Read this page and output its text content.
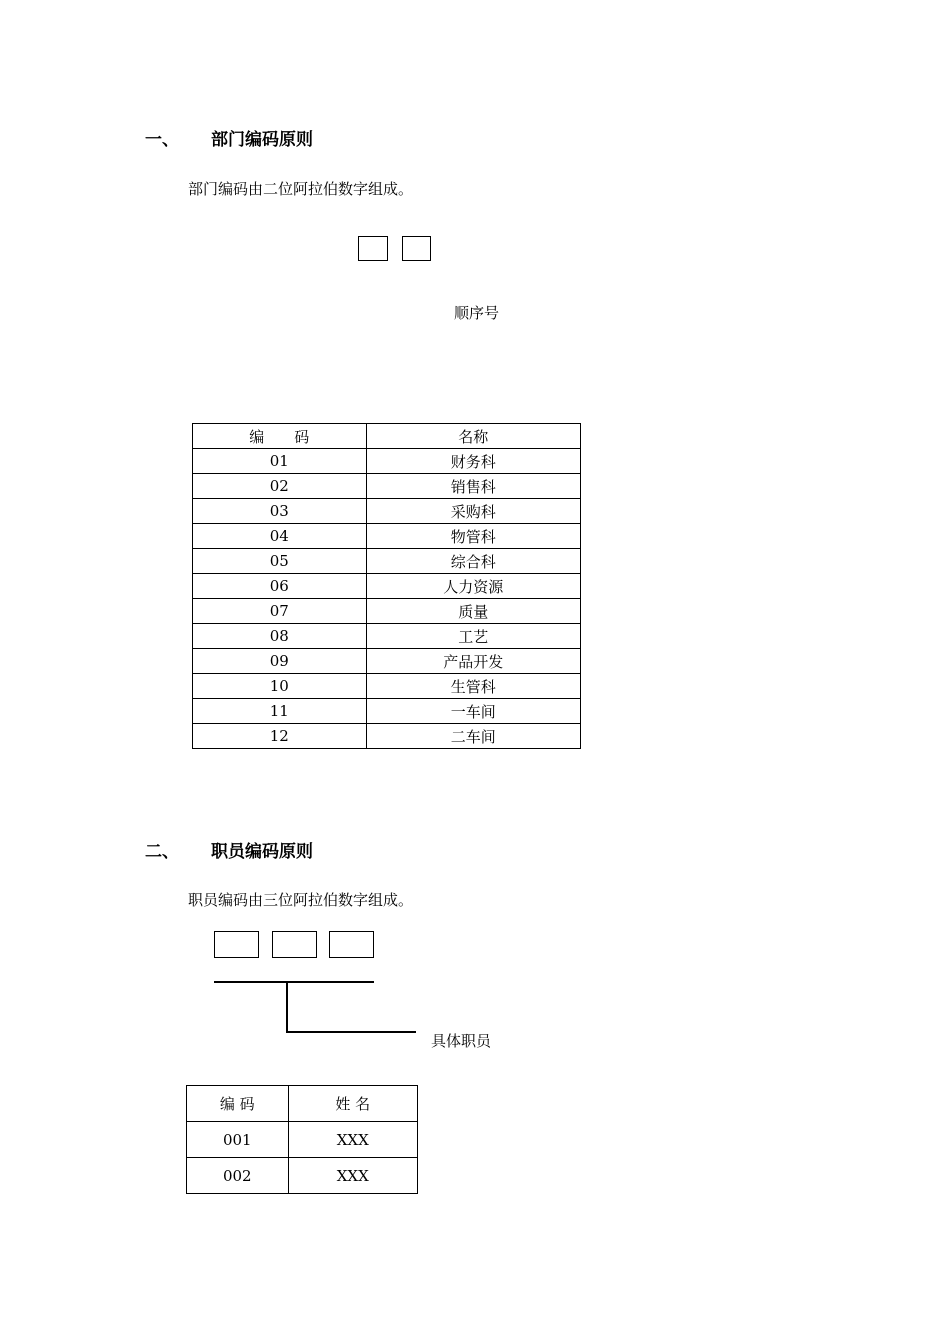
一、 部门编码原则
部门编码由二位阿拉伯数字组成。
顺序号
编　　码	名称
01	财务科
02	销售科
03	采购科
04	物管科
05	综合科
06	人力资源
07	质量
08	工艺
09	产品开发
10	生管科
11	一车间
12	二车间
二、 职员编码原则
职员编码由三位阿拉伯数字组成。
具体职员
编 码	姓 名
001	XXX
002	XXX
